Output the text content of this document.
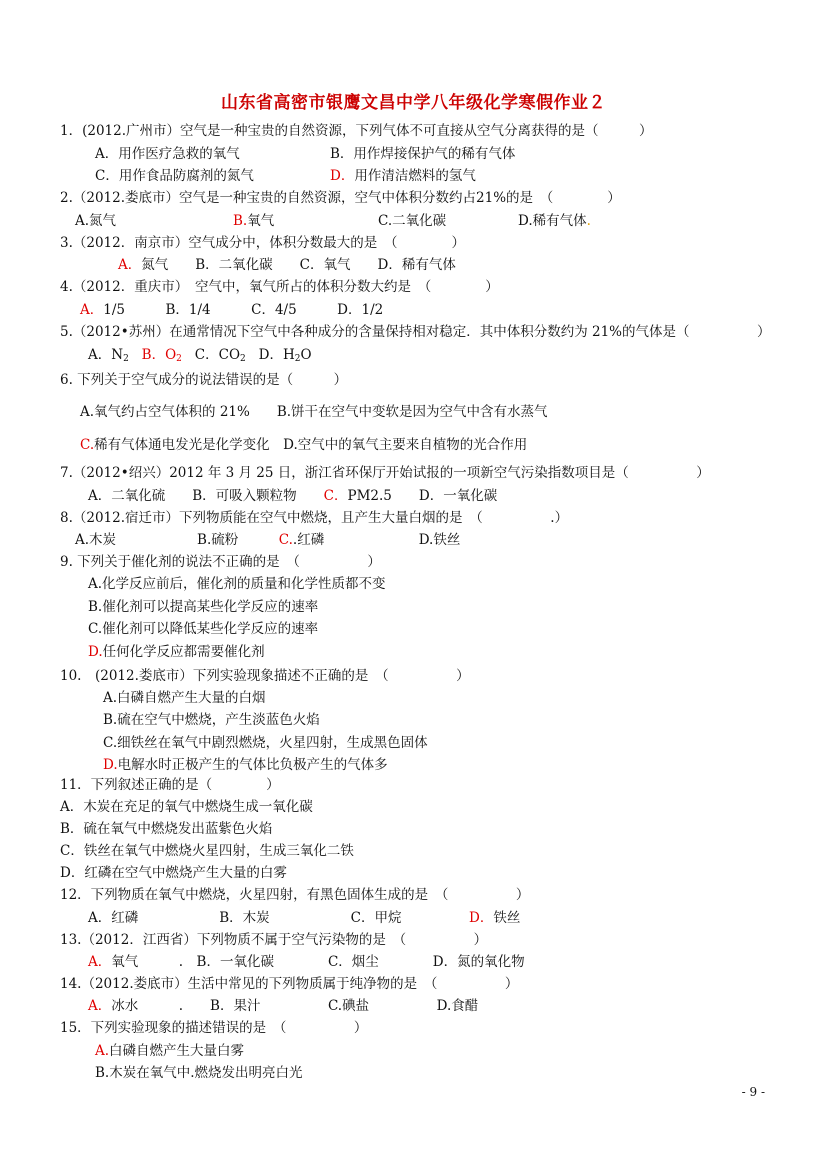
山东省高密市银鹰文昌中学八年级化学寒假作业２
1．(2012.广州市）空气是一种宝贵的自然资源，下列气体不可直接从空气分离获得的是（　　　）
A．用作医疗急救的氧气	B．用作焊接保护气的稀有气体
C．用作食品防腐剂的氮气	D．用作清洁燃料的氢气
2.（2012.娄底市）空气是一种宝贵的自然资源，空气中体积分数约占21%的是　（　　　　）
A.氮气	B.氧气	C.二氧化碳	D.稀有气体.
3.（2012．南京市）空气成分中，体积分数最大的是　（　　　　）
A．氮气　　B．二氧化碳　　C．氧气　　D．稀有气体
4.（2012．重庆市）　空气中，氧气所占的体积分数大约是　（　　　　）
A．1/5　　　B．1/4　　　C．4/5　　　D．1/2
5.（2012•苏州）在通常情况下空气中各种成分的含量保持相对稳定．其中体积分数约为 21%的气体是（　　　　　）
A．$N_2$ B．$O_2$ C．$CO_2$ D．$H_2O$
6. 下列关于空气成分的说法错误的是（　　　）
A.氧气约占空气体积的 21%　　B.饼干在空气中变软是因为空气中含有水蒸气
C.稀有气体通电发光是化学变化　D.空气中的氧气主要来自植物的光合作用
7.（2012•绍兴）2012 年 3 月 25 日，浙江省环保厅开始试报的一项新空气污染指数项目是（　　　　　）
A．二氧化硫　　B．可吸入颗粒物　　C．PM2.5　　D．一氧化碳
8.（2012.宿迁市）下列物质能在空气中燃烧，且产生大量白烟的是　（　　　　　.）
A.木炭　　　　　　B.硫粉　　　C..红磷　　　　　　　D.铁丝
9. 下列关于催化剂的说法不正确的是　（　　　　　）
A.化学反应前后，催化剂的质量和化学性质都不变
B.催化剂可以提高某些化学反应的速率
C.催化剂可以降低某些化学反应的速率
D.任何化学反应都需要催化剂
10.　(2012.娄底市）下列实验现象描述不正确的是　（　　　　　）
A.白磷自燃产生大量的白烟
B.硫在空气中燃烧，产生淡蓝色火焰
C.细铁丝在氧气中剧烈燃烧，火星四射，生成黑色固体
D.电解水时正极产生的气体比负极产生的气体多
11．下列叙述正确的是（　　　　）
A．木炭在充足的氧气中燃烧生成一氧化碳
B．硫在氧气中燃烧发出蓝紫色火焰
C．铁丝在氧气中燃烧火星四射，生成三氧化二铁
D．红磷在空气中燃烧产生大量的白雾
12．下列物质在氧气中燃烧，火星四射，有黑色固体生成的是　（　　　　　）
A．红磷　　　　　　B．木炭　　　　　　C．甲烷　　　　　D．铁丝
13.（2012．江西省）下列物质不属于空气污染物的是　（　　　　　）
A．氧气　　　.　B．一氧化碳　　　　C．烟尘　　　　D．氮的氧化物
14.（2012.娄底市）生活中常见的下列物质属于纯净物的是　（　　　　　）
A．冰水　　　.　　B．果汁　　　　　C.碘盐　　　　　D.食醋
15．下列实验现象的描述错误的是　（　　　　　）
A.白磷自燃产生大量白雾
B.木炭在氧气中.燃烧发出明亮白光
- 9 -
